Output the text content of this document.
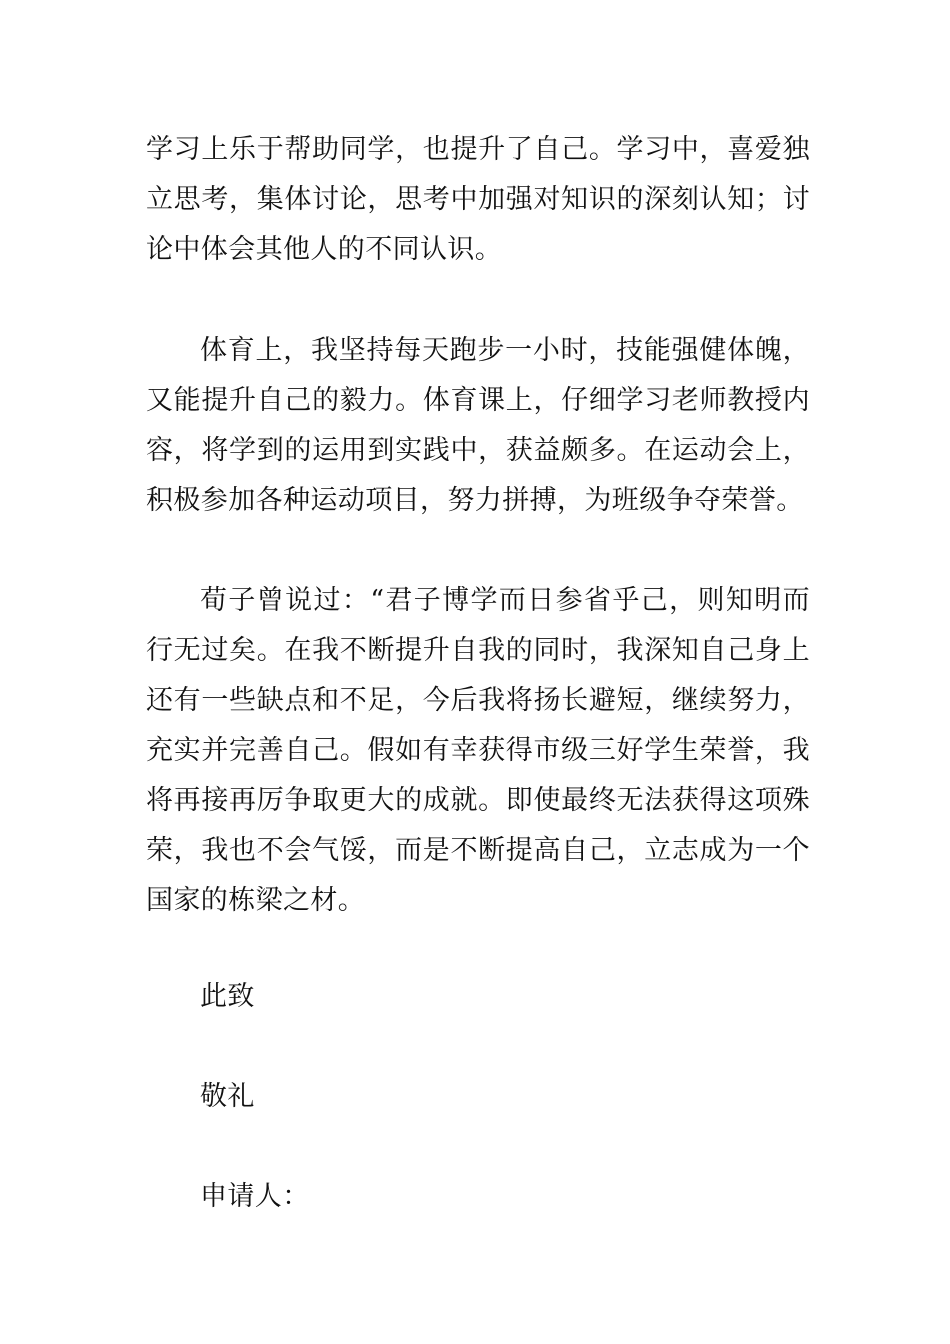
学习上乐于帮助同学，也提升了自己。学习中，喜爱独立思考，集体讨论，思考中加强对知识的深刻认知；讨论中体会其他人的不同认识。

体育上，我坚持每天跑步一小时，技能强健体魄，又能提升自己的毅力。体育课上，仔细学习老师教授内容，将学到的运用到实践中，获益颇多。在运动会上，积极参加各种运动项目，努力拼搏，为班级争夺荣誉。

荀子曾说过：“君子博学而日参省乎己，则知明而行无过矣。在我不断提升自我的同时，我深知自己身上还有一些缺点和不足，今后我将扬长避短，继续努力，充实并完善自己。假如有幸获得市级三好学生荣誉，我将再接再厉争取更大的成就。即使最终无法获得这项殊荣，我也不会气馁，而是不断提高自己，立志成为一个国家的栋梁之材。

此致

敬礼

申请人：
